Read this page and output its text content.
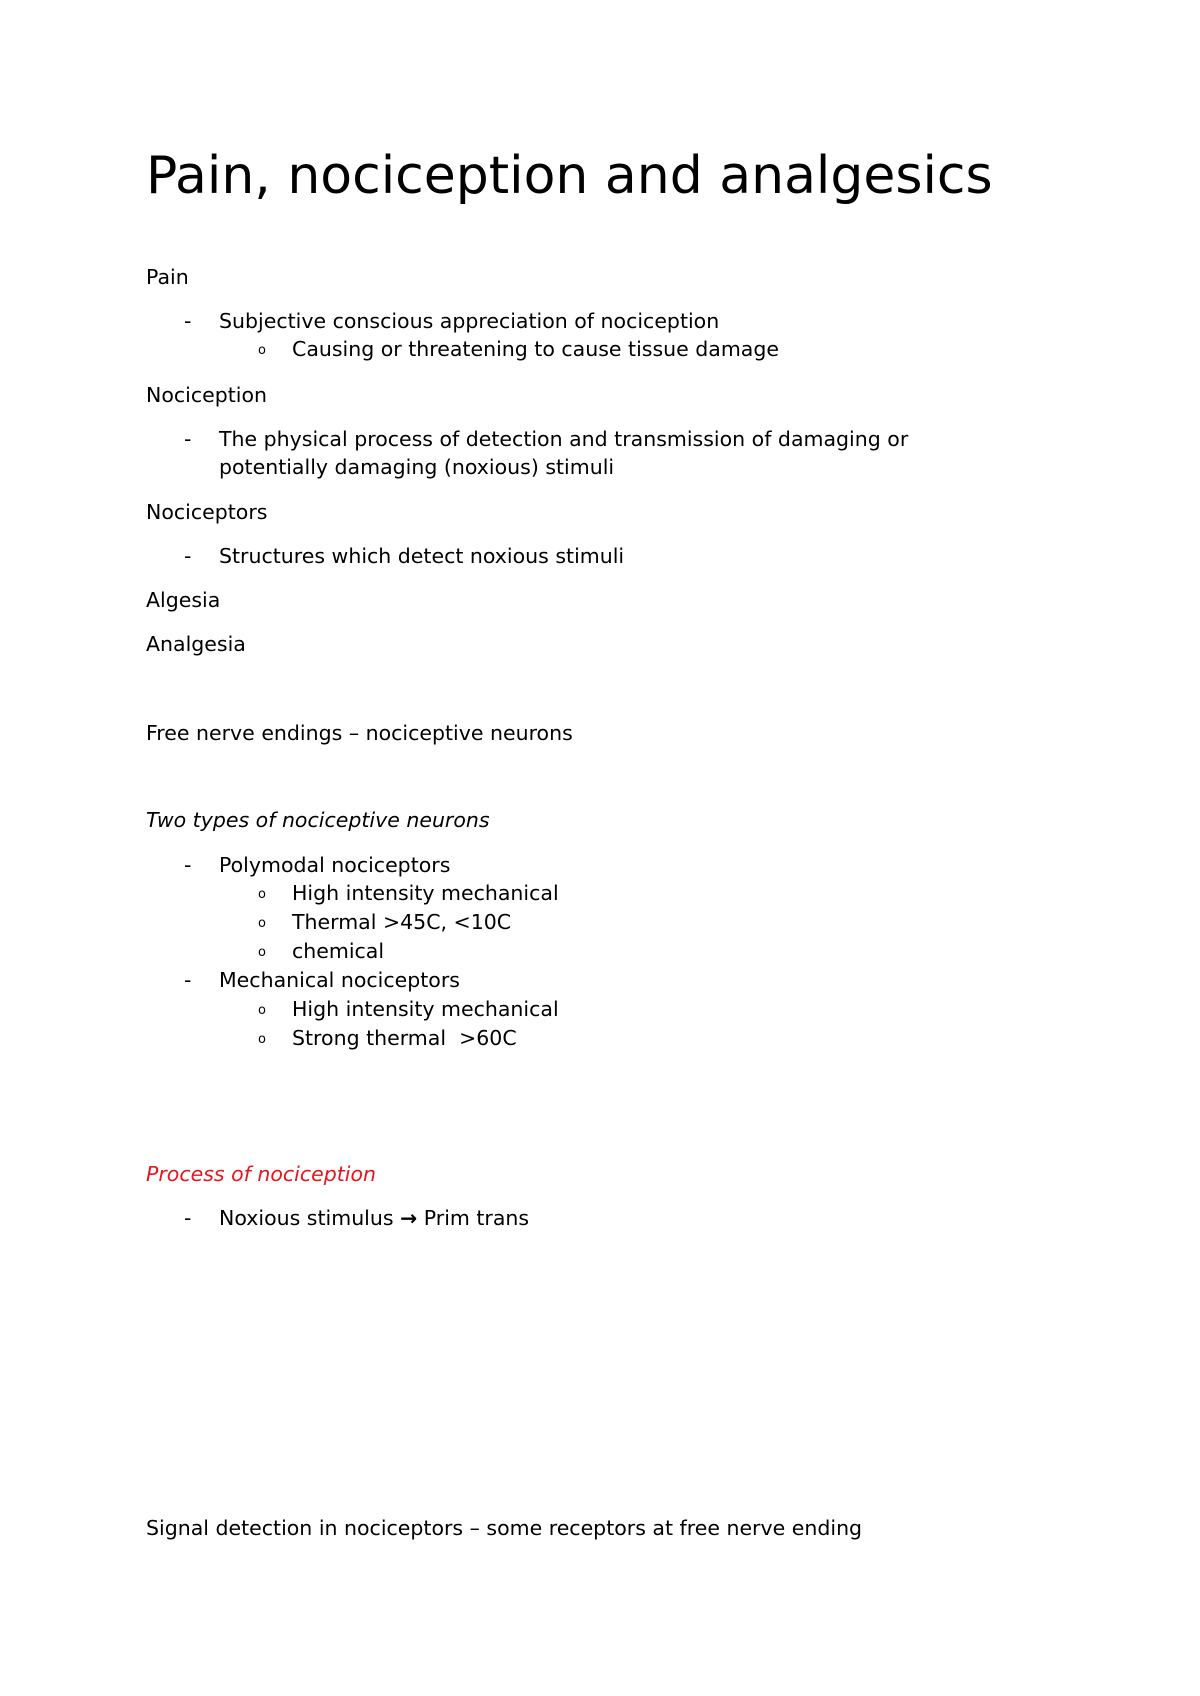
Pain, nociception and analgesics
Pain
- Subjective conscious appreciation of nociception
o Causing or threatening to cause tissue damage
Nociception
- The physical process of detection and transmission of damaging or
potentially damaging (noxious) stimuli
Nociceptors
- Structures which detect noxious stimuli
Algesia
Analgesia
Free nerve endings – nociceptive neurons
Two types of nociceptive neurons
- Polymodal nociceptors
o High intensity mechanical
o Thermal >45C, <10C
o chemical
- Mechanical nociceptors
o High intensity mechanical
o Strong thermal  >60C
Process of nociception
- Noxious stimulus → Prim trans
Signal detection in nociceptors – some receptors at free nerve ending
